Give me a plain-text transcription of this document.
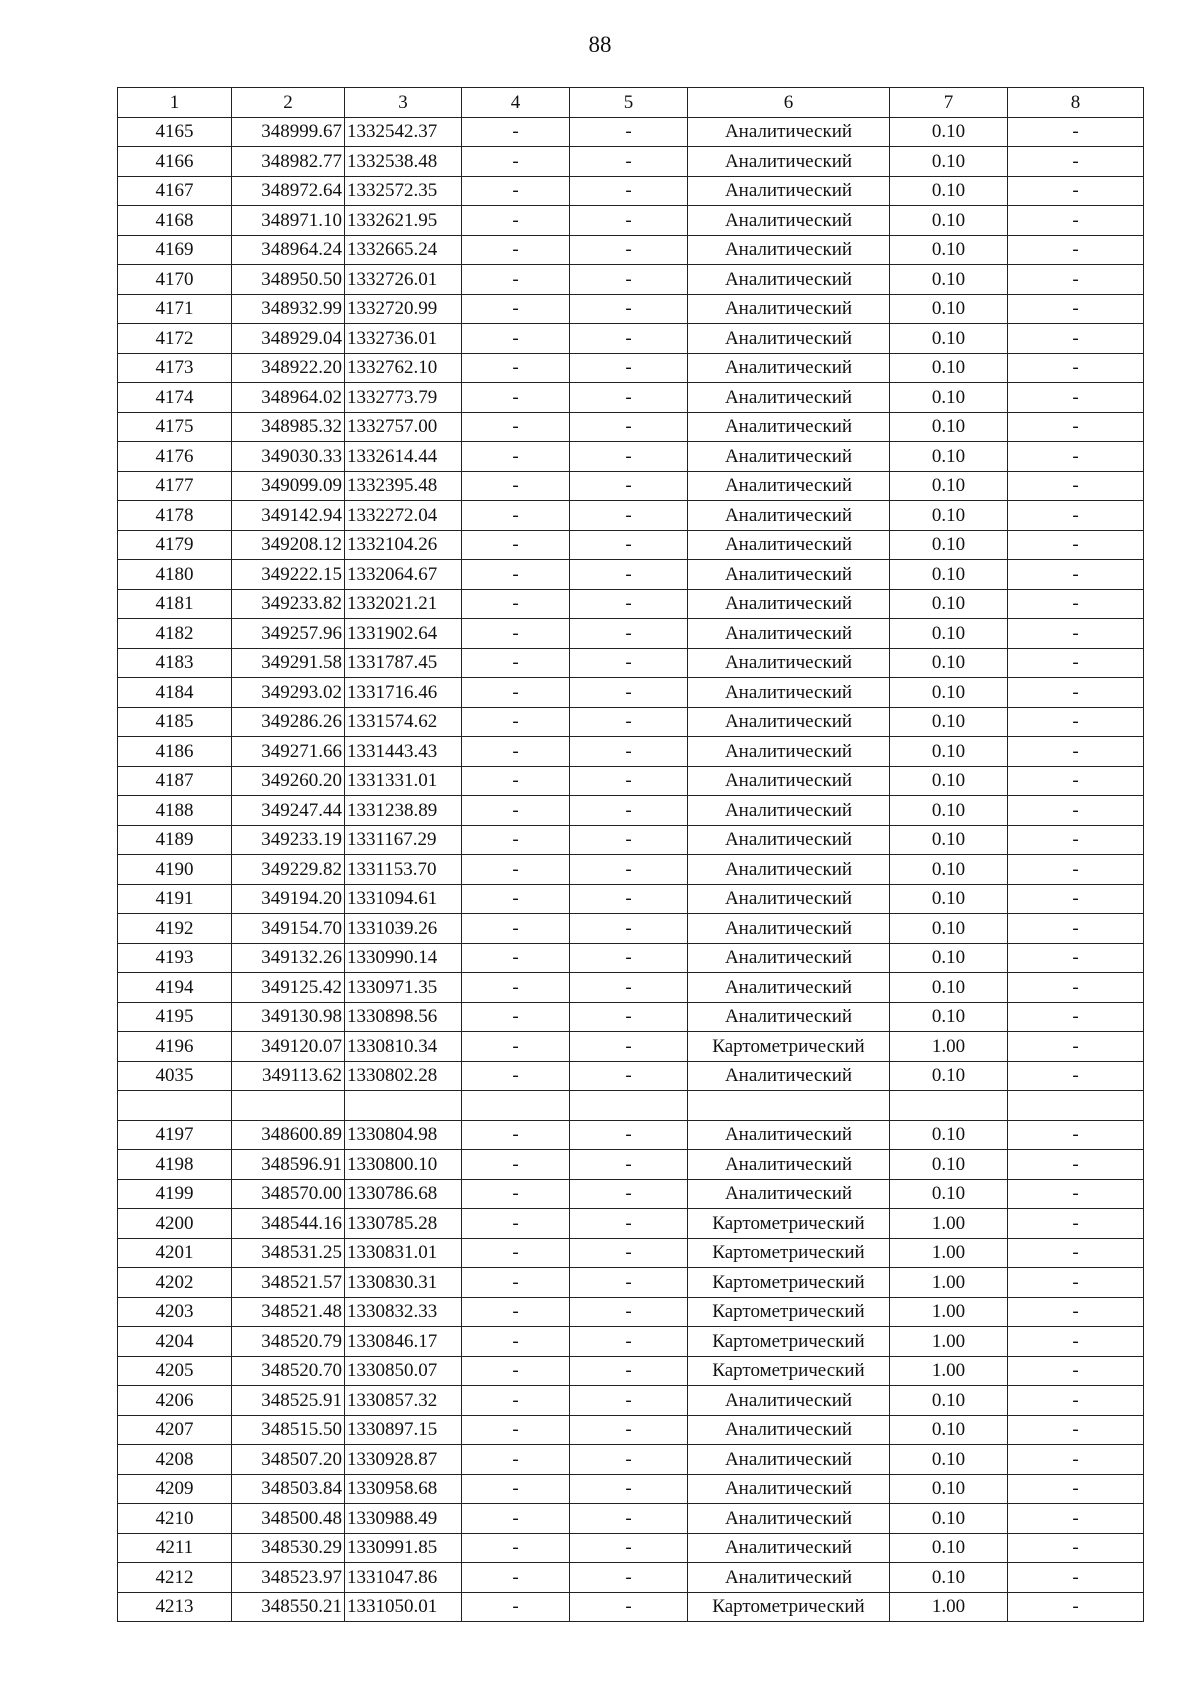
88
1	2	3	4	5	6	7	8
4165	348999.67	1332542.37	-	-	Аналитический	0.10	-
4166	348982.77	1332538.48	-	-	Аналитический	0.10	-
4167	348972.64	1332572.35	-	-	Аналитический	0.10	-
4168	348971.10	1332621.95	-	-	Аналитический	0.10	-
4169	348964.24	1332665.24	-	-	Аналитический	0.10	-
4170	348950.50	1332726.01	-	-	Аналитический	0.10	-
4171	348932.99	1332720.99	-	-	Аналитический	0.10	-
4172	348929.04	1332736.01	-	-	Аналитический	0.10	-
4173	348922.20	1332762.10	-	-	Аналитический	0.10	-
4174	348964.02	1332773.79	-	-	Аналитический	0.10	-
4175	348985.32	1332757.00	-	-	Аналитический	0.10	-
4176	349030.33	1332614.44	-	-	Аналитический	0.10	-
4177	349099.09	1332395.48	-	-	Аналитический	0.10	-
4178	349142.94	1332272.04	-	-	Аналитический	0.10	-
4179	349208.12	1332104.26	-	-	Аналитический	0.10	-
4180	349222.15	1332064.67	-	-	Аналитический	0.10	-
4181	349233.82	1332021.21	-	-	Аналитический	0.10	-
4182	349257.96	1331902.64	-	-	Аналитический	0.10	-
4183	349291.58	1331787.45	-	-	Аналитический	0.10	-
4184	349293.02	1331716.46	-	-	Аналитический	0.10	-
4185	349286.26	1331574.62	-	-	Аналитический	0.10	-
4186	349271.66	1331443.43	-	-	Аналитический	0.10	-
4187	349260.20	1331331.01	-	-	Аналитический	0.10	-
4188	349247.44	1331238.89	-	-	Аналитический	0.10	-
4189	349233.19	1331167.29	-	-	Аналитический	0.10	-
4190	349229.82	1331153.70	-	-	Аналитический	0.10	-
4191	349194.20	1331094.61	-	-	Аналитический	0.10	-
4192	349154.70	1331039.26	-	-	Аналитический	0.10	-
4193	349132.26	1330990.14	-	-	Аналитический	0.10	-
4194	349125.42	1330971.35	-	-	Аналитический	0.10	-
4195	349130.98	1330898.56	-	-	Аналитический	0.10	-
4196	349120.07	1330810.34	-	-	Картометрический	1.00	-
4035	349113.62	1330802.28	-	-	Аналитический	0.10	-

4197	348600.89	1330804.98	-	-	Аналитический	0.10	-
4198	348596.91	1330800.10	-	-	Аналитический	0.10	-
4199	348570.00	1330786.68	-	-	Аналитический	0.10	-
4200	348544.16	1330785.28	-	-	Картометрический	1.00	-
4201	348531.25	1330831.01	-	-	Картометрический	1.00	-
4202	348521.57	1330830.31	-	-	Картометрический	1.00	-
4203	348521.48	1330832.33	-	-	Картометрический	1.00	-
4204	348520.79	1330846.17	-	-	Картометрический	1.00	-
4205	348520.70	1330850.07	-	-	Картометрический	1.00	-
4206	348525.91	1330857.32	-	-	Аналитический	0.10	-
4207	348515.50	1330897.15	-	-	Аналитический	0.10	-
4208	348507.20	1330928.87	-	-	Аналитический	0.10	-
4209	348503.84	1330958.68	-	-	Аналитический	0.10	-
4210	348500.48	1330988.49	-	-	Аналитический	0.10	-
4211	348530.29	1330991.85	-	-	Аналитический	0.10	-
4212	348523.97	1331047.86	-	-	Аналитический	0.10	-
4213	348550.21	1331050.01	-	-	Картометрический	1.00	-
